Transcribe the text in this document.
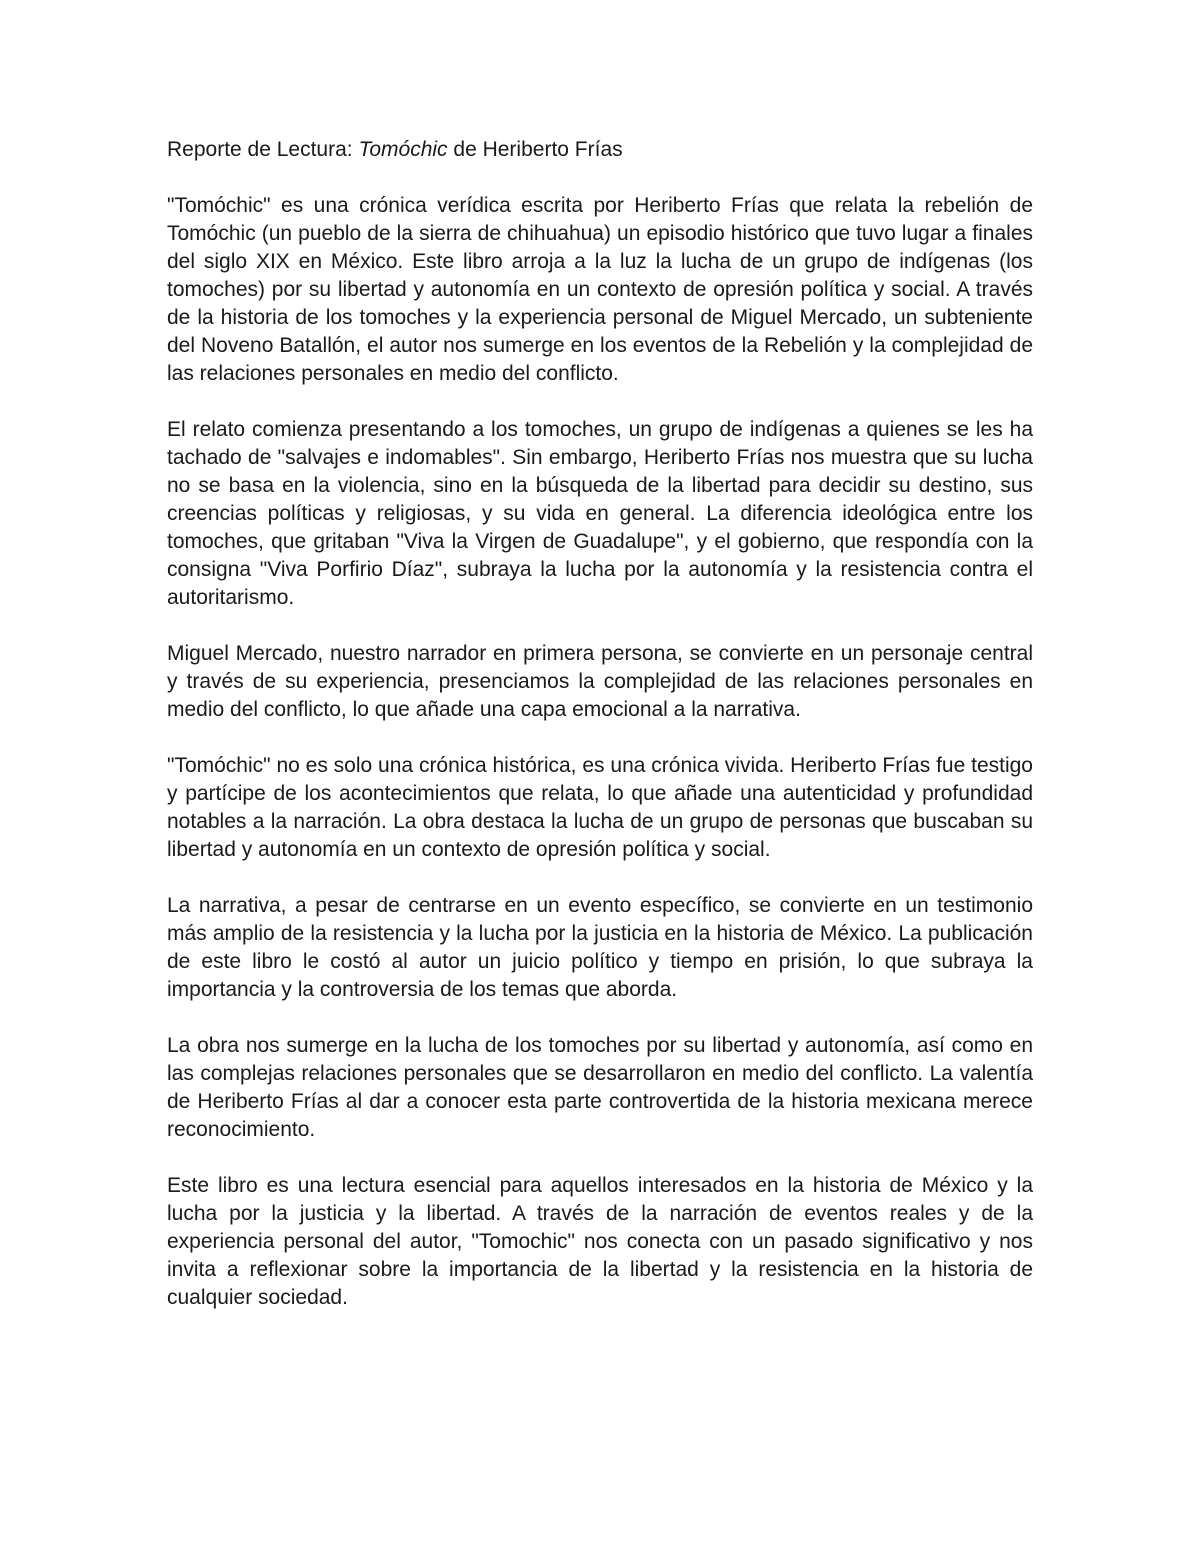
Reporte de Lectura: Tomóchic de Heriberto Frías

"Tomóchic" es una crónica verídica escrita por Heriberto Frías que relata la rebelión de Tomóchic (un pueblo de la sierra de chihuahua) un episodio histórico que tuvo lugar a finales del siglo XIX en México. Este libro arroja a la luz la lucha de un grupo de indígenas (los tomoches) por su libertad y autonomía en un contexto de opresión política y social. A través de la historia de los tomoches y la experiencia personal de Miguel Mercado, un subteniente del Noveno Batallón, el autor nos sumerge en los eventos de la Rebelión y la complejidad de las relaciones personales en medio del conflicto.

El relato comienza presentando a los tomoches, un grupo de indígenas a quienes se les ha tachado de "salvajes e indomables". Sin embargo, Heriberto Frías nos muestra que su lucha no se basa en la violencia, sino en la búsqueda de la libertad para decidir su destino, sus creencias políticas y religiosas, y su vida en general. La diferencia ideológica entre los tomoches, que gritaban "Viva la Virgen de Guadalupe", y el gobierno, que respondía con la consigna "Viva Porfirio Díaz", subraya la lucha por la autonomía y la resistencia contra el autoritarismo.

Miguel Mercado, nuestro narrador en primera persona, se convierte en un personaje central y través de su experiencia, presenciamos la complejidad de las relaciones personales en medio del conflicto, lo que añade una capa emocional a la narrativa.

"Tomóchic" no es solo una crónica histórica, es una crónica vivida. Heriberto Frías fue testigo y partícipe de los acontecimientos que relata, lo que añade una autenticidad y profundidad notables a la narración. La obra destaca la lucha de un grupo de personas que buscaban su libertad y autonomía en un contexto de opresión política y social.

La narrativa, a pesar de centrarse en un evento específico, se convierte en un testimonio más amplio de la resistencia y la lucha por la justicia en la historia de México. La publicación de este libro le costó al autor un juicio político y tiempo en prisión, lo que subraya la importancia y la controversia de los temas que aborda.

La obra nos sumerge en la lucha de los tomoches por su libertad y autonomía, así como en las complejas relaciones personales que se desarrollaron en medio del conflicto. La valentía de Heriberto Frías al dar a conocer esta parte controvertida de la historia mexicana merece reconocimiento.

Este libro es una lectura esencial para aquellos interesados en la historia de México y la lucha por la justicia y la libertad. A través de la narración de eventos reales y de la experiencia personal del autor, "Tomochic" nos conecta con un pasado significativo y nos invita a reflexionar sobre la importancia de la libertad y la resistencia en la historia de cualquier sociedad.
